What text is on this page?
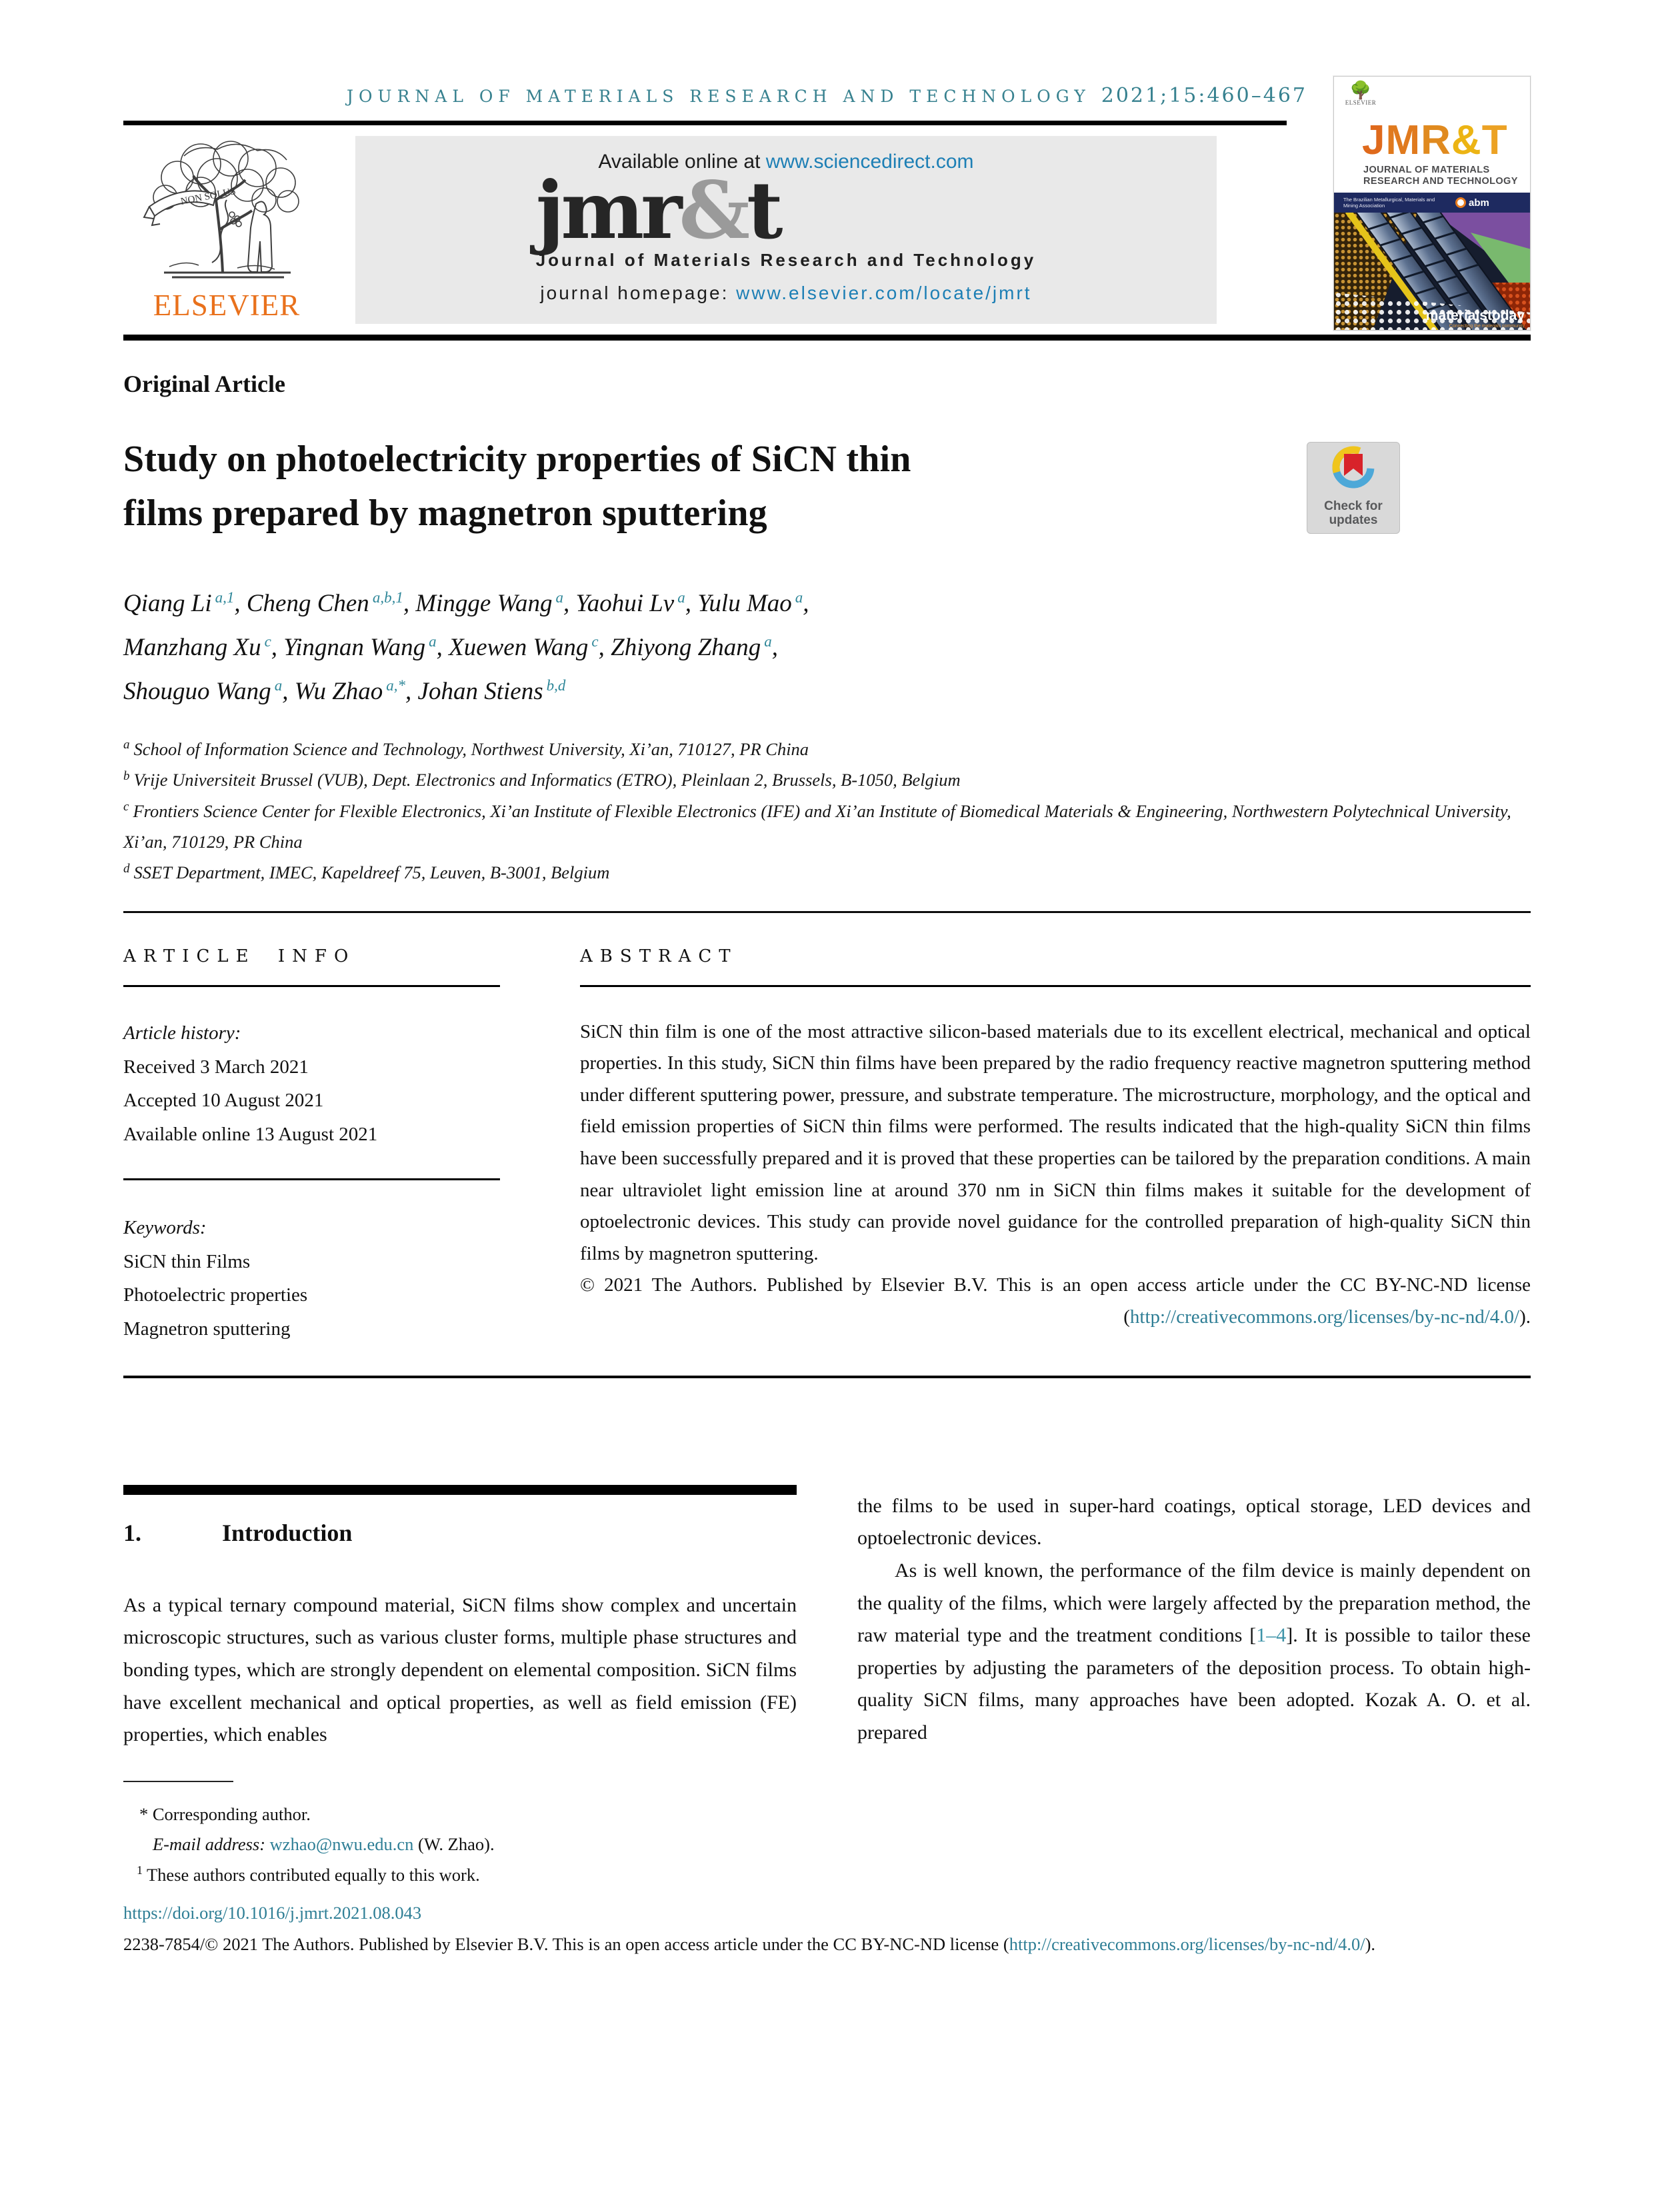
JOURNAL OF MATERIALS RESEARCH AND TECHNOLOGY 2021;15:460–467
NON SOLUS
ELSEVIER
Available online at www.sciencedirect.com
jmr&t
Journal of Materials Research and Technology
journal homepage: www.elsevier.com/locate/jmrt
🌳
ELSEVIER
JMR&T
JOURNAL OF MATERIALS
RESEARCH AND TECHNOLOGY
The Brazilian Metallurgical, Materials and Mining Association	abm
materialstoday
Connecting the materials community
Original Article
Study on photoelectricity properties of SiCN thin
films prepared by magnetron sputtering	Check for
updates
Qiang Li $^{a,1}$, Cheng Chen $^{a,b,1}$, Mingge Wang $^a$, Yaohui Lv $^a$, Yulu Mao $^a$,
Manzhang Xu $^c$, Yingnan Wang $^a$, Xuewen Wang $^c$, Zhiyong Zhang $^a$,
Shouguo Wang $^a$, Wu Zhao $^{a,*}$, Johan Stiens $^{b,d}$
$^a$ School of Information Science and Technology, Northwest University, Xi’an, 710127, PR China
$^b$ Vrije Universiteit Brussel (VUB), Dept. Electronics and Informatics (ETRO), Pleinlaan 2, Brussels, B-1050, Belgium
$^c$ Frontiers Science Center for Flexible Electronics, Xi’an Institute of Flexible Electronics (IFE) and Xi’an Institute of Biomedical Materials & Engineering, Northwestern Polytechnical University, Xi’an, 710129, PR China
$^d$ SSET Department, IMEC, Kapeldreef 75, Leuven, B-3001, Belgium
ARTICLE INFO
Article history:
Received 3 March 2021
Accepted 10 August 2021
Available online 13 August 2021
Keywords:
SiCN thin Films
Photoelectric properties
Magnetron sputtering
ABSTRACT
SiCN thin film is one of the most attractive silicon-based materials due to its excellent electrical, mechanical and optical properties. In this study, SiCN thin films have been prepared by the radio frequency reactive magnetron sputtering method under different sputtering power, pressure, and substrate temperature. The microstructure, morphology, and the optical and field emission properties of SiCN thin films were performed. The results indicated that the high-quality SiCN thin films have been successfully prepared and it is proved that these properties can be tailored by the preparation conditions. A main near ultraviolet light emission line at around 370 nm in SiCN thin films makes it suitable for the development of optoelectronic devices. This study can provide novel guidance for the controlled preparation of high-quality SiCN thin films by magnetron sputtering.
© 2021 The Authors. Published by Elsevier B.V. This is an open access article under the CC BY-NC-ND license (http://creativecommons.org/licenses/by-nc-nd/4.0/).
1.	Introduction
As a typical ternary compound material, SiCN films show complex and uncertain microscopic structures, such as various cluster forms, multiple phase structures and bonding types, which are strongly dependent on elemental composition. SiCN films have excellent mechanical and optical properties, as well as field emission (FE) properties, which enables
* Corresponding author.
E-mail address: wzhao@nwu.edu.cn (W. Zhao).
$^1$ These authors contributed equally to this work.

the films to be used in super-hard coatings, optical storage, LED devices and optoelectronic devices.

As is well known, the performance of the film device is mainly dependent on the quality of the films, which were largely affected by the preparation method, the raw material type and the treatment conditions [1–4]. It is possible to tailor these properties by adjusting the parameters of the deposition process. To obtain high-quality SiCN films, many approaches have been adopted. Kozak A. O. et al. prepared

https://doi.org/10.1016/j.jmrt.2021.08.043
2238-7854/© 2021 The Authors. Published by Elsevier B.V. This is an open access article under the CC BY-NC-ND license (http://creativecommons.org/licenses/by-nc-nd/4.0/).
